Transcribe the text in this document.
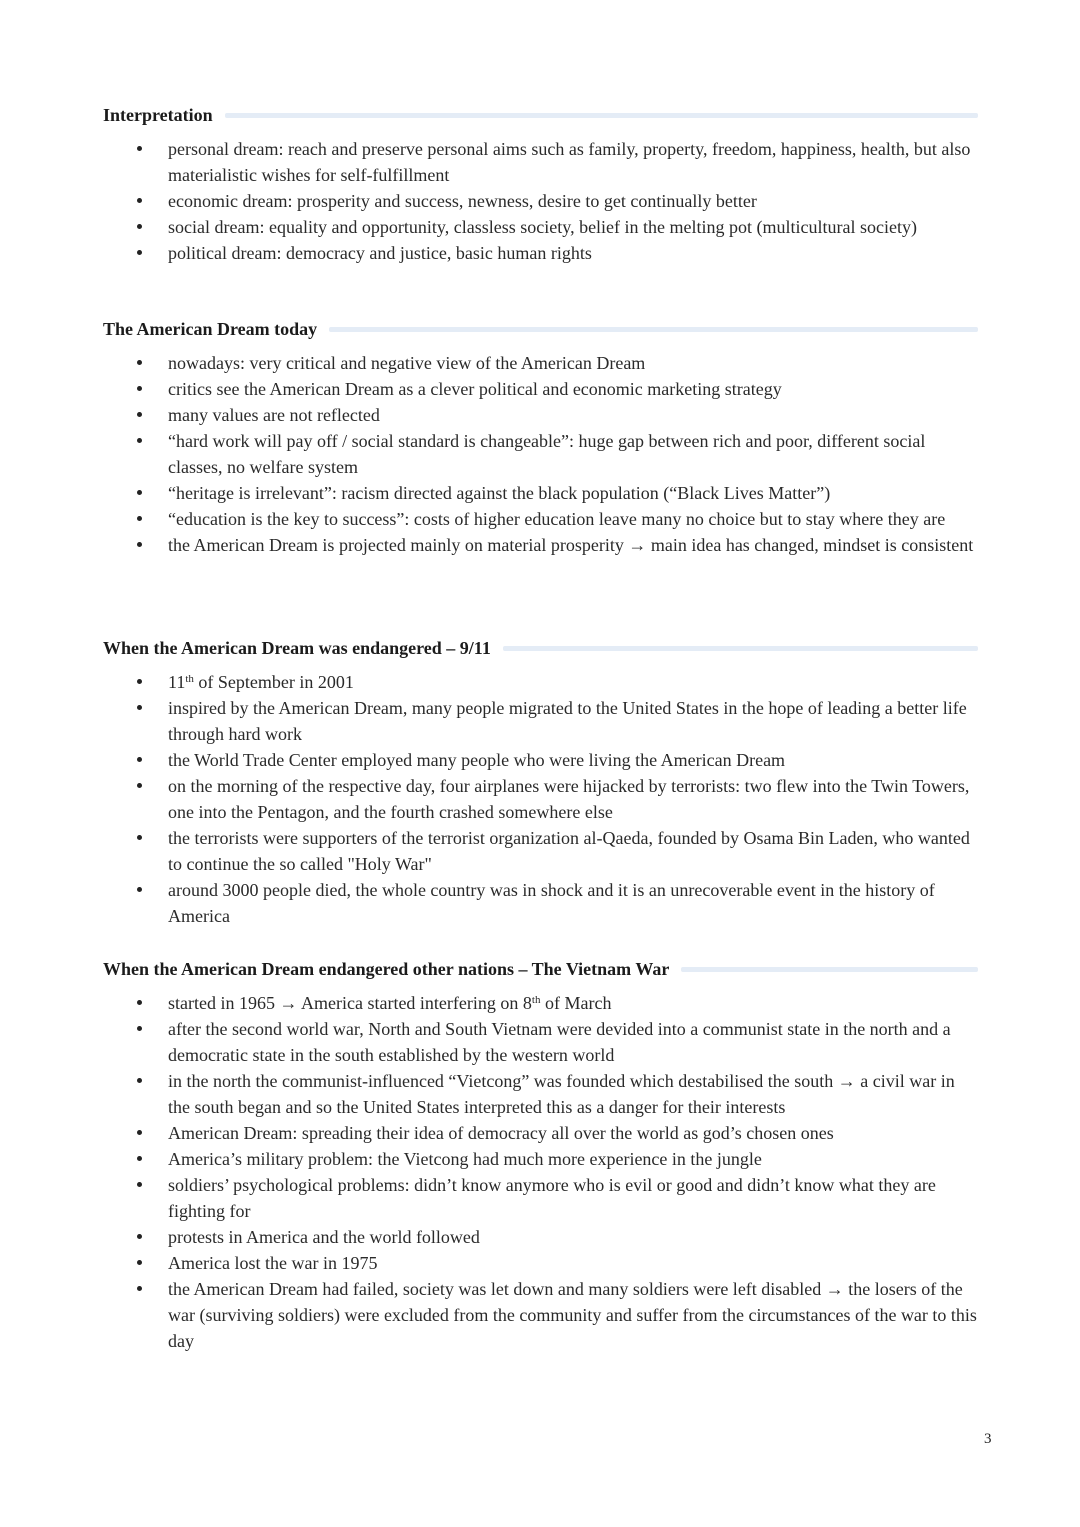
Interpretation
personal dream: reach and preserve personal aims such as family, property, freedom, happiness, health, but also materialistic wishes for self-fulfillment
economic dream: prosperity and success, newness, desire to get continually better
social dream: equality and opportunity, classless society, belief in the melting pot (multicultural society)
political dream: democracy and justice, basic human rights
The American Dream today
nowadays: very critical and negative view of the American Dream
critics see the American Dream as a clever political and economic marketing strategy
many values are not reflected
“hard work will pay off / social standard is changeable”: huge gap between rich and poor, different social classes, no welfare system
“heritage is irrelevant”: racism directed against the black population (“Black Lives Matter”)
“education is the key to success”: costs of higher education leave many no choice but to stay where they are
the American Dream is projected mainly on material prosperity → main idea has changed, mindset is consistent
When the American Dream was endangered – 9/11
11th of September in 2001
inspired by the American Dream, many people migrated to the United States in the hope of leading a better life through hard work
the World Trade Center employed many people who were living the American Dream
on the morning of the respective day, four airplanes were hijacked by terrorists: two flew into the Twin Towers, one into the Pentagon, and the fourth crashed somewhere else
the terrorists were supporters of the terrorist organization al-Qaeda, founded by Osama Bin Laden, who wanted to continue the so called "Holy War"
around 3000 people died, the whole country was in shock and it is an unrecoverable event in the history of America
When the American Dream endangered other nations – The Vietnam War
started in 1965 → America started interfering on 8th of March
after the second world war, North and South Vietnam were devided into a communist state in the north and a democratic state in the south established by the western world
in the north the communist-influenced “Vietcong” was founded which destabilised the south → a civil war in the south began and so the United States interpreted this as a danger for their interests
American Dream: spreading their idea of democracy all over the world as god’s chosen ones
America’s military problem: the Vietcong had much more experience in the jungle
soldiers’ psychological problems: didn’t know anymore who is evil or good and didn’t know what they are fighting for
protests in America and the world followed
America lost the war in 1975
the American Dream had failed, society was let down and many soldiers were left disabled → the losers of the war (surviving soldiers) were excluded from the community and suffer from the circumstances of the war to this day
3
